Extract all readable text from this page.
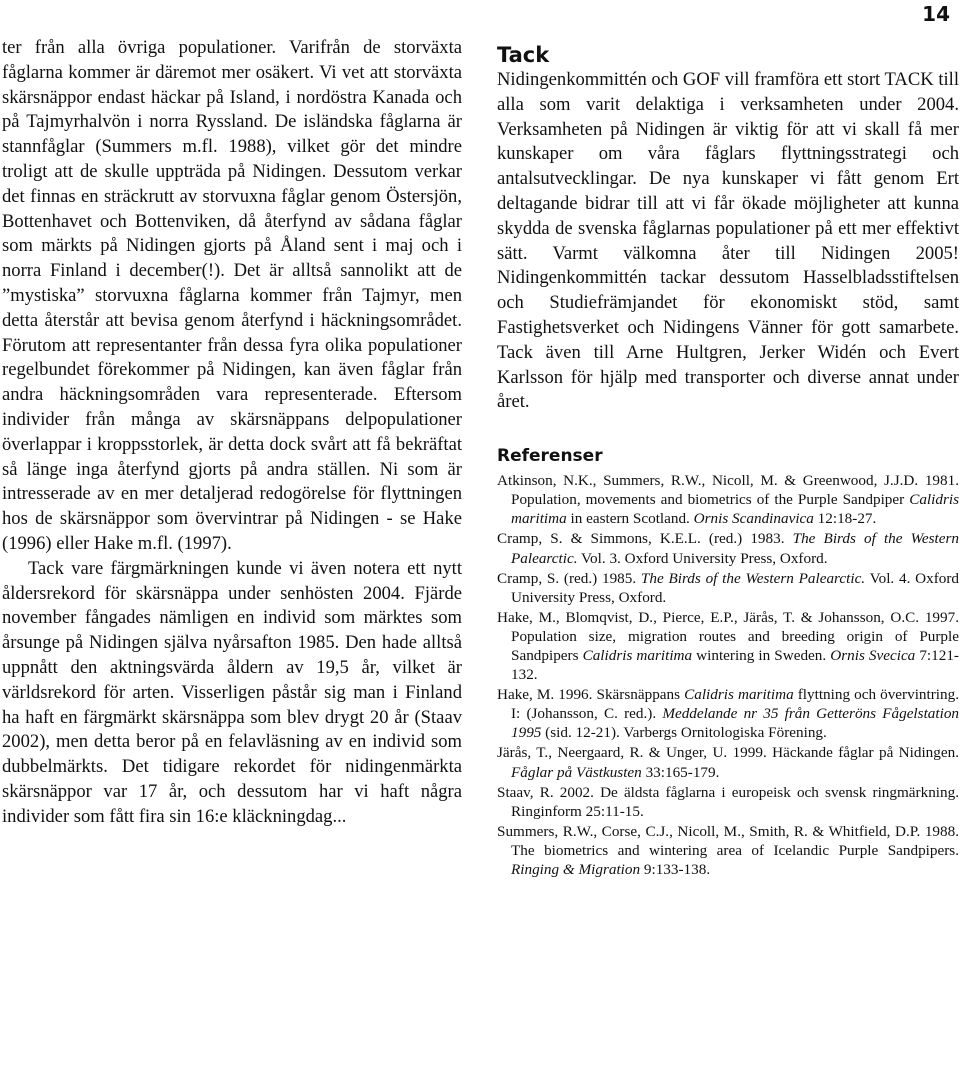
14

ter från alla övriga populationer. Varifrån de storväxta fåglarna kommer är däremot mer osäkert. Vi vet att storväxta skärsnäppor endast häckar på Island, i nordöstra Kanada och på Tajmyrhalvön i norra Ryssland. De isländska fåglarna är stannfåglar (Summers m.fl. 1988), vilket gör det mindre troligt att de skulle uppträda på Nidingen. Dessutom verkar det finnas en sträckrutt av storvuxna fåglar genom Östersjön, Bottenhavet och Bottenviken, då återfynd av sådana fåglar som märkts på Nidingen gjorts på Åland sent i maj och i norra Finland i december(!). Det är alltså sannolikt att de ”mystiska” storvuxna fåglarna kommer från Tajmyr, men detta återstår att bevisa genom återfynd i häckningsområdet. Förutom att representanter från dessa fyra olika populationer regelbundet förekommer på Nidingen, kan även fåglar från andra häckningsområden vara representerade. Eftersom individer från många av skärsnäppans delpopulationer överlappar i kroppsstorlek, är detta dock svårt att få bekräftat så länge inga återfynd gjorts på andra ställen. Ni som är intresserade av en mer detaljerad redogörelse för flyttningen hos de skärsnäppor som övervintrar på Nidingen - se Hake (1996) eller Hake m.fl. (1997).

Tack vare färgmärkningen kunde vi även notera ett nytt åldersrekord för skärsnäppa under senhösten 2004. Fjärde november fångades nämligen en individ som märktes som årsunge på Nidingen själva nyårsafton 1985. Den hade alltså uppnått den aktningsvärda åldern av 19,5 år, vilket är världsrekord för arten. Visserligen påstår sig man i Finland ha haft en färgmärkt skärsnäppa som blev drygt 20 år (Staav 2002), men detta beror på en felavläsning av en individ som dubbelmärkts. Det tidigare rekordet för nidingenmärkta skärsnäppor var 17 år, och dessutom har vi haft några individer som fått fira sin 16:e kläckningdag...

Tack

Nidingenkommittén och GOF vill framföra ett stort TACK till alla som varit delaktiga i verksamheten under 2004. Verksamheten på Nidingen är viktig för att vi skall få mer kunskaper om våra fåglars flyttningsstrategi och antalsutvecklingar. De nya kunskaper vi fått genom Ert deltagande bidrar till att vi får ökade möjligheter att kunna skydda de svenska fåglarnas populationer på ett mer effektivt sätt. Varmt välkomna åter till Nidingen 2005! Nidingenkommittén tackar dessutom Hasselbladsstiftelsen och Studiefrämjandet för ekonomiskt stöd, samt Fastighetsverket och Nidingens Vänner för gott samarbete. Tack även till Arne Hultgren, Jerker Widén och Evert Karlsson för hjälp med transporter och diverse annat under året.

Referenser
Atkinson, N.K., Summers, R.W., Nicoll, M. & Greenwood, J.J.D. 1981. Population, movements and biometrics of the Purple Sandpiper Calidris maritima in eastern Scotland. Ornis Scandinavica 12:18-27.
Cramp, S. & Simmons, K.E.L. (red.) 1983. The Birds of the Western Palearctic. Vol. 3. Oxford University Press, Oxford.
Cramp, S. (red.) 1985. The Birds of the Western Palearctic. Vol. 4. Oxford University Press, Oxford.
Hake, M., Blomqvist, D., Pierce, E.P., Järås, T. & Johansson, O.C. 1997. Population size, migration routes and breeding origin of Purple Sandpipers Calidris maritima wintering in Sweden. Ornis Svecica 7:121-132.
Hake, M. 1996. Skärsnäppans Calidris maritima flyttning och övervintring. I: (Johansson, C. red.). Meddelande nr 35 från Getteröns Fågelstation 1995 (sid. 12-21). Varbergs Ornitologiska Förening.
Järås, T., Neergaard, R. & Unger, U. 1999. Häckande fåglar på Nidingen. Fåglar på Västkusten 33:165-179.
Staav, R. 2002. De äldsta fåglarna i europeisk och svensk ringmärkning. Ringinform 25:11-15.
Summers, R.W., Corse, C.J., Nicoll, M., Smith, R. & Whitfield, D.P. 1988. The biometrics and wintering area of Icelandic Purple Sandpipers. Ringing & Migration 9:133-138.
